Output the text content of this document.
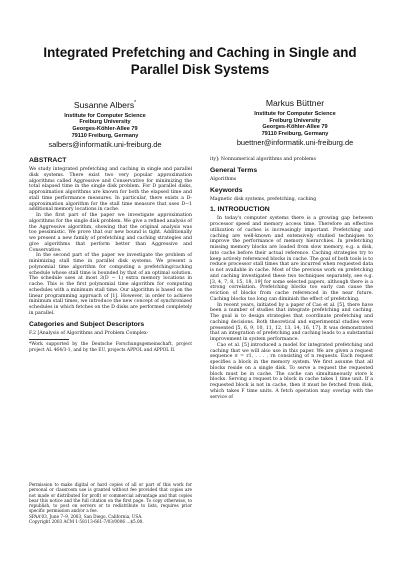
Integrated Prefetching and Caching in Single and Parallel Disk Systems
Susanne Albers*
Institute for Computer Science
Freiburg University
Georges-Köhler-Allee 79
79110 Freiburg, Germany
salbers@informatik.uni-freiburg.de
Markus Büttner
Institute for Computer Science
Freiburg University
Georges-Köhler-Allee 79
79110 Freiburg, Germany
buettner@informatik.uni-freiburg.de
ABSTRACT

We study integrated prefetching and caching in single and parallel disk systems. There exist two very popular approximation algorithms called Aggressive and Conservative for minimizing the total elapsed time in the single disk problem. For D parallel disks, approximation algorithms are known for both the elapsed time and stall time performance measures. In particular, there exists a D-approximation algorithm for the stall time measure that uses D−1 additional memory locations in cache.

In the first part of the paper we investigate approximation algorithms for the single disk problem. We give a refined analysis of the Aggressive algorithm, showing that the original analysis was too pessimistic. We prove that our new bound is tight. Additionally we present a new family of prefetching and caching strategies and give algorithms that perform better than Aggressive and Conservative.

In the second part of the paper we investigate the problem of minimizing stall time in parallel disk systems. We present a polynomial time algorithm for computing a prefetching/caching schedule whose stall time is bounded by that of an optimal solution. The schedule uses at most 3(D − 1) extra memory locations in cache. This is the first polynomial time algorithm for computing schedules with a minimum stall time. Our algorithm is based on the linear programming approach of [1]. However, in order to achieve minimum stall times, we introduce the new concept of synchronized schedules in which fetches on the D disks are performed completely in parallel.

Categories and Subject Descriptors

F.2 [Analysis of Algorithms and Problem Complex-

*Work supported by the Deutsche Forschungsgemeinschaft, project project AL 464/3-1, and by the EU, projects APPOL and APPOL II.

Permission to make digital or hard copies of all or part of this work for personal or classroom use is granted without fee provided that copies are not made or distributed for profit or commercial advantage and that copies bear this notice and the full citation on the first page. To copy otherwise, to republish, to post on servers or to redistribute to lists, requires prior specific permission and/or a fee.

SPAA'03, June 7–9, 2003, San Diego, California, USA.

Copyright 2003 ACM 1-58113-661-7/03/0006 ...$5.00.

ity]: Nonnumerical algorithms and problems

General Terms

Algorithms

Keywords

Magnetic disk systems, prefetching, caching

1. INTRODUCTION

In today's computer systems there is a growing gap between processor speed and memory access time. Therefore an effective utilization of caches is increasingly important. Prefetching and caching are well-known and extensively studied techniques to improve the performance of memory hierarchies. In prefetching missing memory blocks are loaded from slow memory, e.g. a disk, into cache before their actual reference. Caching strategies try to keep actively referenced blocks in cache. The goal of both tools is to reduce processor stall times that are incurred when requested data is not available in cache. Most of the previous work on prefetching and caching investigated these two techniques separately, see e.g. [3, 4, 7, 8, 15, 18, 19] for some selected papers, although there is a strong correlation. Prefetching blocks too early can cause the eviction of blocks from cache referenced in the near future. Caching blocks too long can diminish the effect of prefetching.

In recent years, initiated by a paper of Cao et al. [5], there have been a number of studies that integrate prefetching and caching. The goal is to design strategies that coordinate prefetching and caching decisions. Both theoretical and experimental studies were presented [5, 6, 9, 10, 11, 12, 13, 14, 16, 17]. It was demonstrated that an integration of prefetching and caching leads to a substantial improvement in system performance.

Cao et al. [5] introduced a model for integrated prefetching and caching that we will also use in this paper. We are given a request sequence σ = r1, . . . , rn consisting of n requests. Each request specifies a block in the memory system. We first assume that all blocks reside on a single disk. To serve a request the requested block must be in cache. The cache can simultaneously store k blocks. Serving a request to a block in cache takes 1 time unit. If a requested block is not in cache, then it must be fetched from disk, which takes F time units. A fetch operation may overlap with the service of
